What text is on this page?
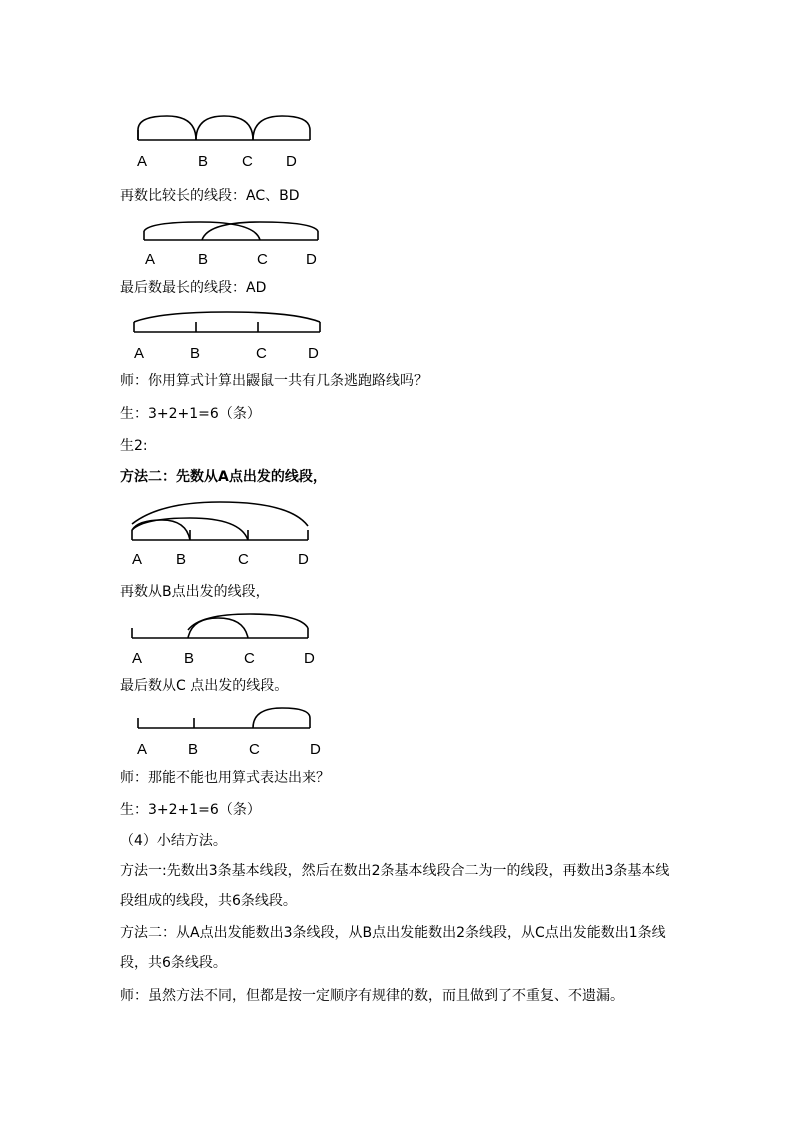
A	B C D
再数比较长的线段：AC、BD
A	B	C	D
最后数最长的线段：AD
A	B	C	D
师：你用算式计算出鼹鼠一共有几条逃跑路线吗？
生：3+2+1=6（条）
生2:
方法二：先数从A点出发的线段，
A B	C	D
再数从B点出发的线段，
A	B	C	D
最后数从C 点出发的线段。
A	B	C	D
师：那能不能也用算式表达出来？
生：3+2+1=6（条）
（4）小结方法。
方法一:先数出3条基本线段，然后在数出2条基本线段合二为一的线段，再数出3条基本线段组成的线段，共6条线段。
方法二：从A点出发能数出3条线段，从B点出发能数出2条线段，从C点出发能数出1条线段，共6条线段。
师：虽然方法不同，但都是按一定顺序有规律的数，而且做到了不重复、不遗漏。
